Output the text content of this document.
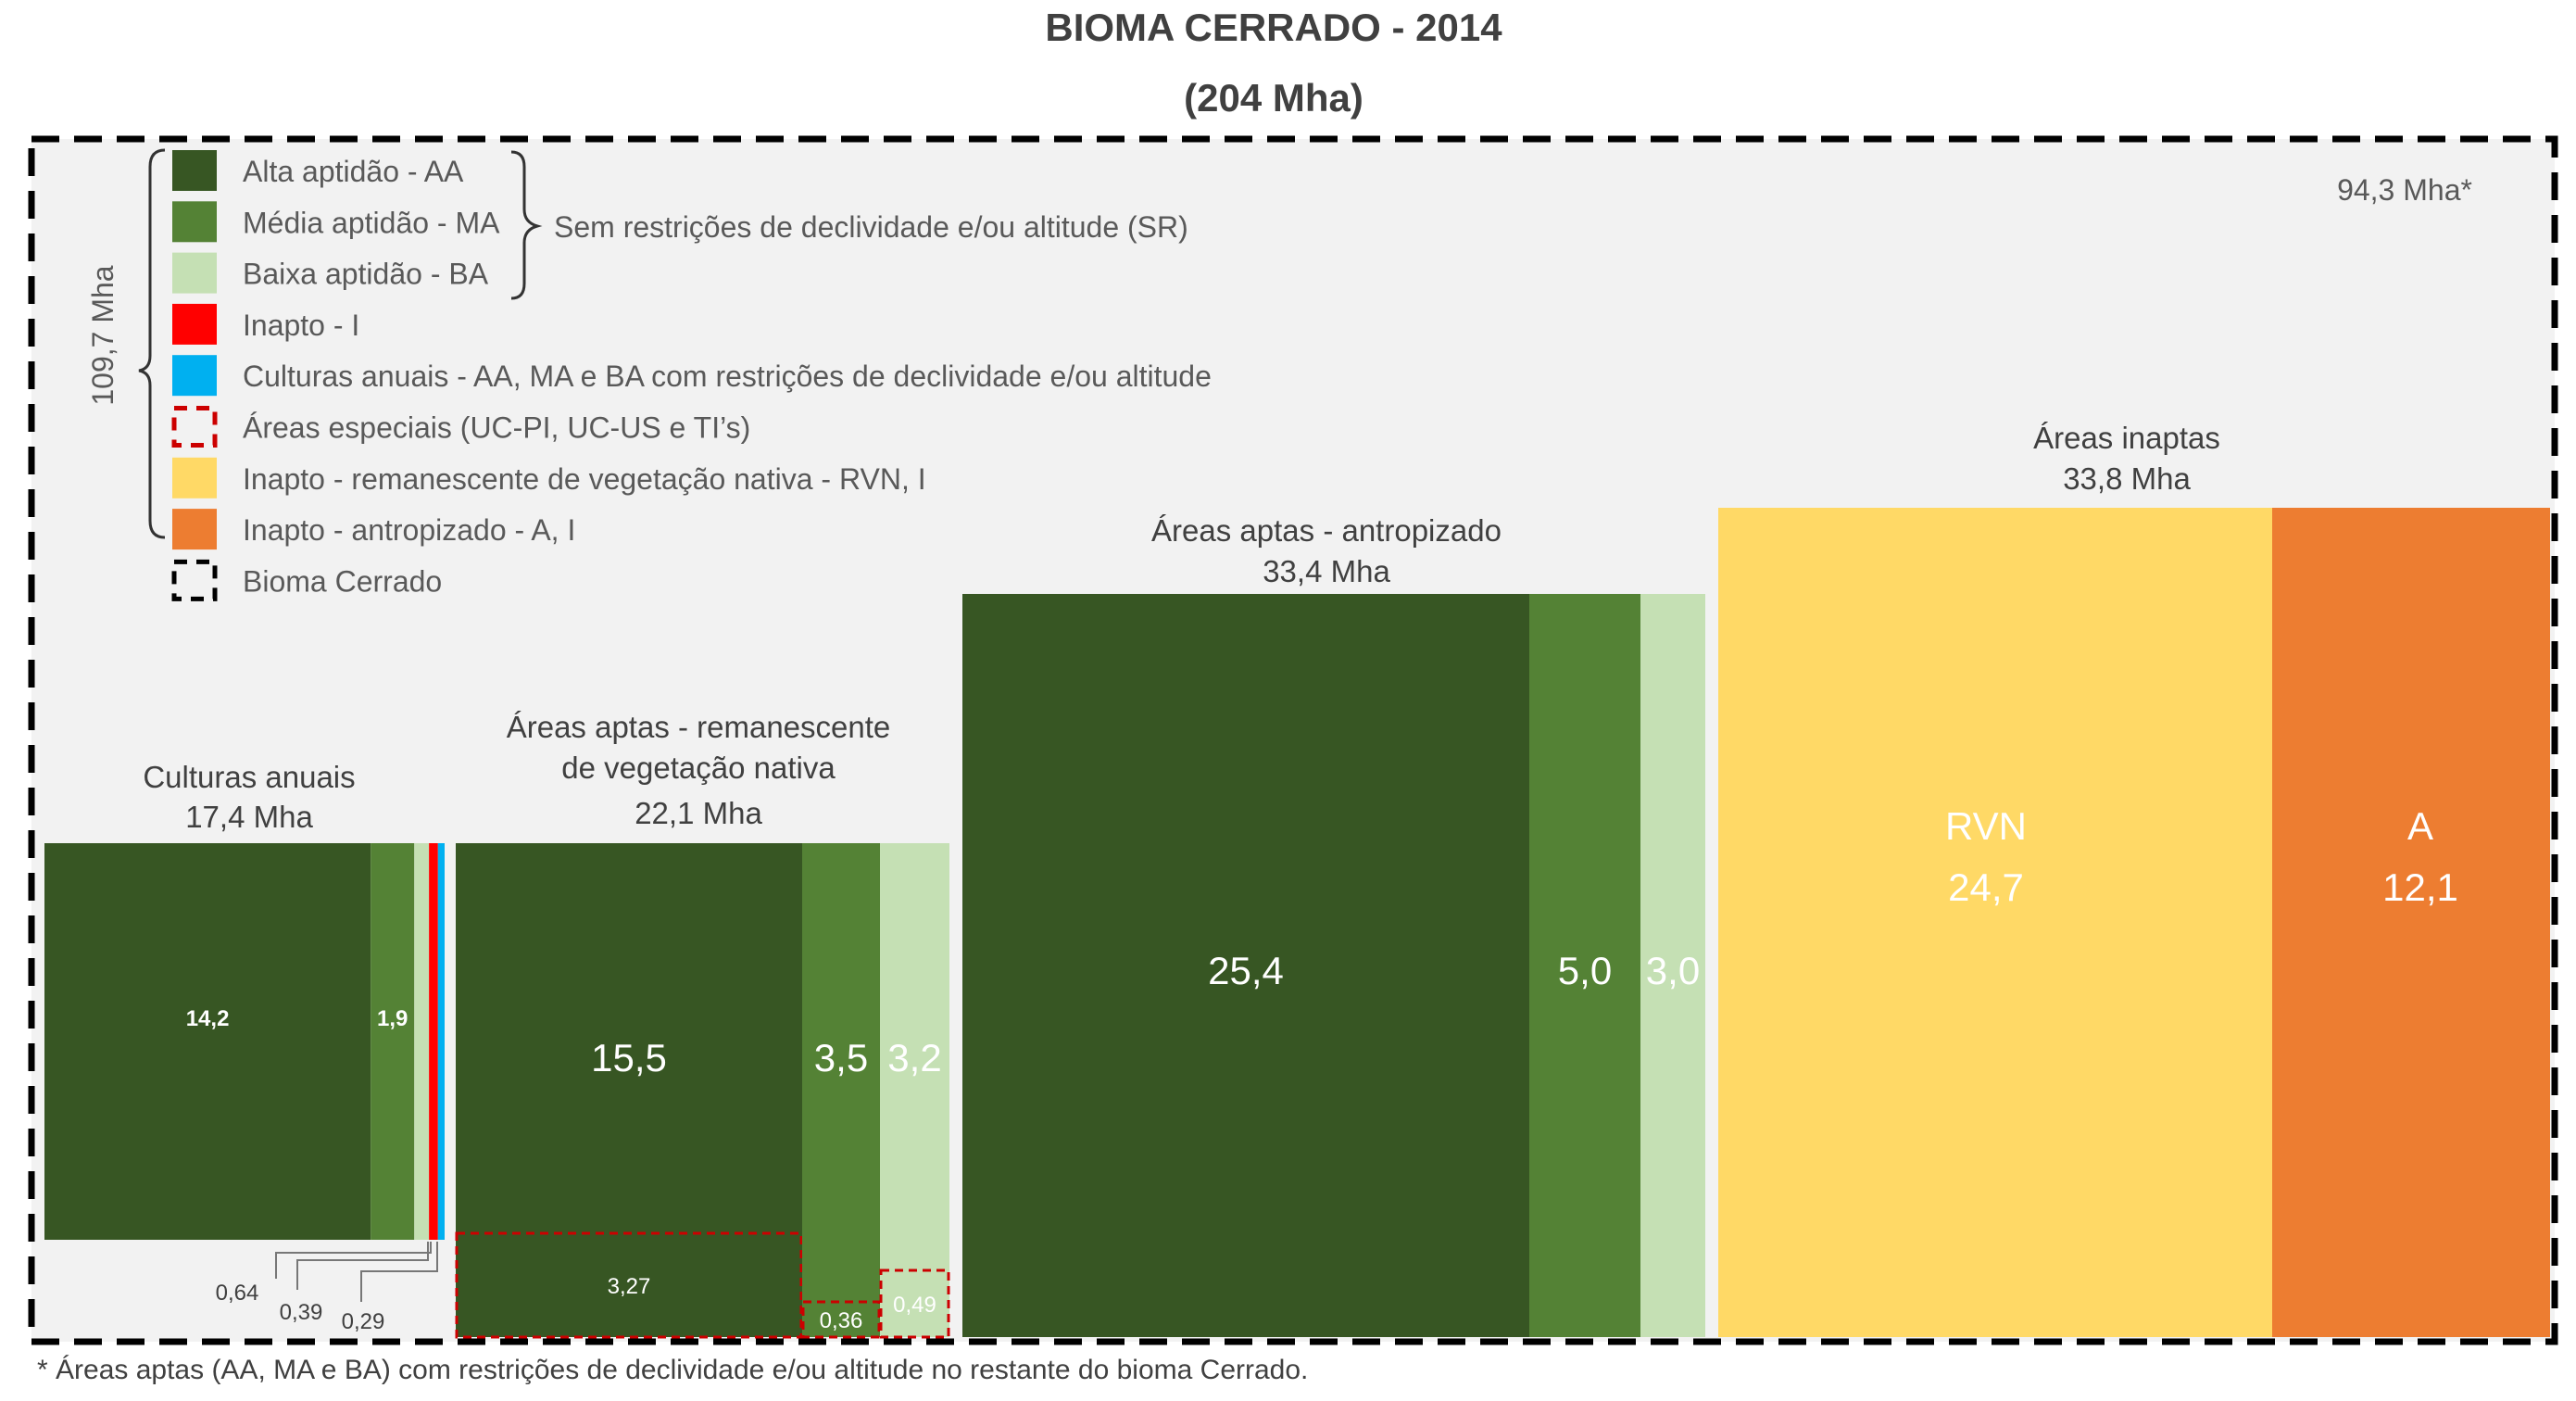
BIOMA CERRADO - 2014
(204 Mha)
94,3 Mha*
Alta aptidão - AA
Média aptidão - MA
Baixa aptidão - BA
Inapto - I
Culturas anuais - AA, MA e BA com restrições de declividade e/ou altitude
Áreas especiais (UC-PI, UC-US e TI’s)
Inapto - remanescente de vegetação nativa - RVN, I
Inapto - antropizado - A, I
Bioma Cerrado
109,7 Mha
Sem restrições de declividade e/ou altitude (SR)
Culturas anuais
17,4 Mha
Áreas aptas - remanescente
de vegetação nativa
22,1 Mha
Áreas aptas - antropizado
33,4 Mha
Áreas inaptas
33,8 Mha
14,2	1,9
15,5
3,27
3,5
0,36
3,2
0,49
25,4	5,0 3,0
RVN
24,7
A
12,1
0,64
0,39 0,29
* Áreas aptas (AA, MA e BA) com restrições de declividade e/ou altitude no restante do bioma Cerrado.
